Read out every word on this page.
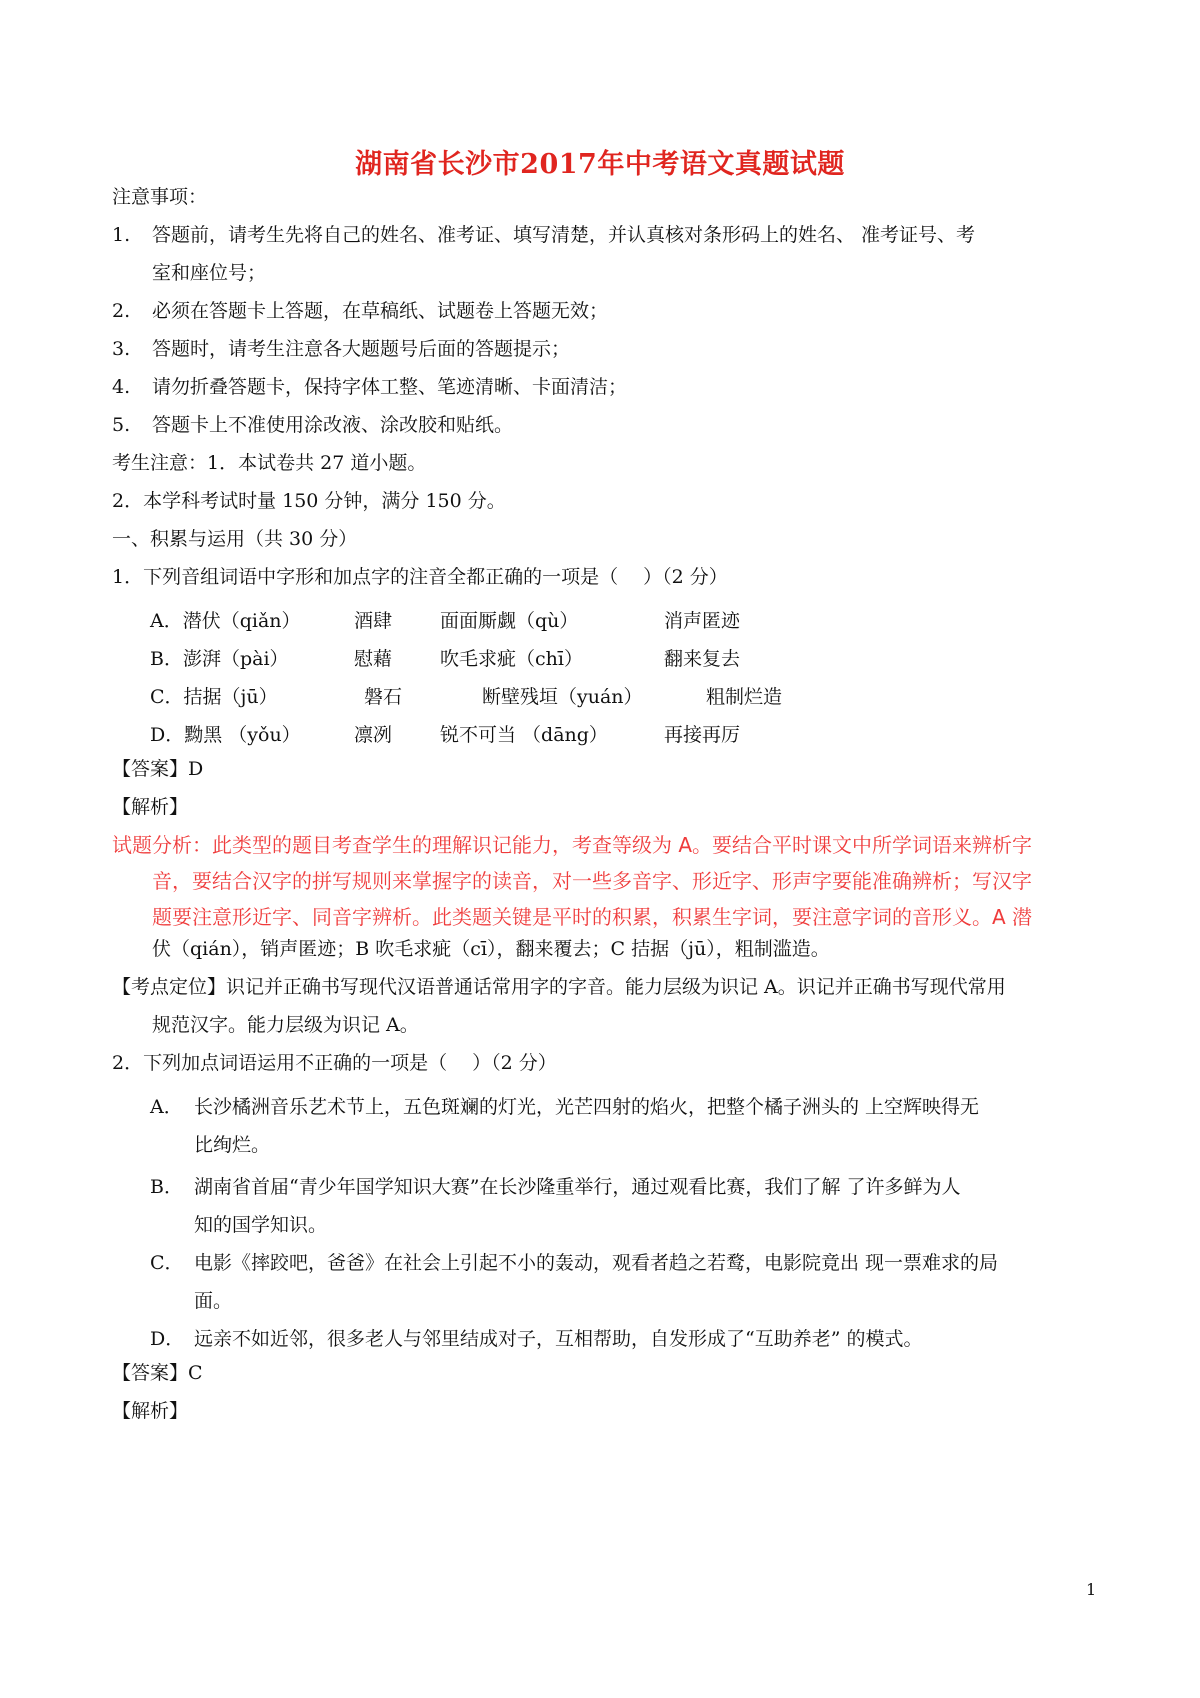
湖南省长沙市2017年中考语文真题试题
注意事项：
1. 答题前，请考生先将自己的姓名、准考证、填写清楚，并认真核对条形码上的姓名、 准考证号、考
室和座位号；
2. 必须在答题卡上答题，在草稿纸、试题卷上答题无效；
3. 答题时，请考生注意各大题题号后面的答题提示；
4. 请勿折叠答题卡，保持字体工整、笔迹清晰、卡面清洁；
5. 答题卡上不准使用涂改液、涂改胶和贴纸。
考生注意：1．本试卷共 27 道小题。
2．本学科考试时量 150 分钟，满分 150 分。
一、积累与运用（共 30 分）
1．下列音组词语中字形和加点字的注音全都正确的一项是（　 ）（2 分）
A．潜伏（qiǎn）	酒肆	面面厮觑（qù）	消声匿迹
B．澎湃（pài）	慰藉	吹毛求疵（chī）	翻来复去
C．拮据（jū）	磐石	断壁残垣（yuán）	粗制烂造
D．黝黑 （yǒu）	凛冽	锐不可当 （dāng）	再接再厉
【答案】D
【解析】
试题分析：此类型的题目考查学生的理解识记能力，考查等级为 A。要结合平时课文中所学词语来辨析字
音，要结合汉字的拼写规则来掌握字的读音，对一些多音字、形近字、形声字要能准确辨析；写汉字
题要注意形近字、同音字辨析。此类题关键是平时的积累，积累生字词，要注意字词的音形义。A 潜
伏（qián），销声匿迹；B 吹毛求疵（cī），翻来覆去；C 拮据（jū），粗制滥造。
【考点定位】识记并正确书写现代汉语普通话常用字的字音。能力层级为识记 A。识记并正确书写现代常用
规范汉字。能力层级为识记 A。
2．下列加点词语运用不正确的一项是（　 ）（2 分）
A． 长沙橘洲音乐艺术节上，五色斑斓的灯光，光芒四射的焰火，把整个橘子洲头的 上空辉映得无
比绚烂。
B． 湖南省首届“青少年国学知识大赛”在长沙隆重举行，通过观看比赛，我们了解 了许多鲜为人
知的国学知识。
C． 电影《摔跤吧，爸爸》在社会上引起不小的轰动，观看者趋之若鹜，电影院竟出 现一票难求的局
面。
D． 远亲不如近邻，很多老人与邻里结成对子，互相帮助，自发形成了“互助养老” 的模式。
【答案】C
【解析】
1
